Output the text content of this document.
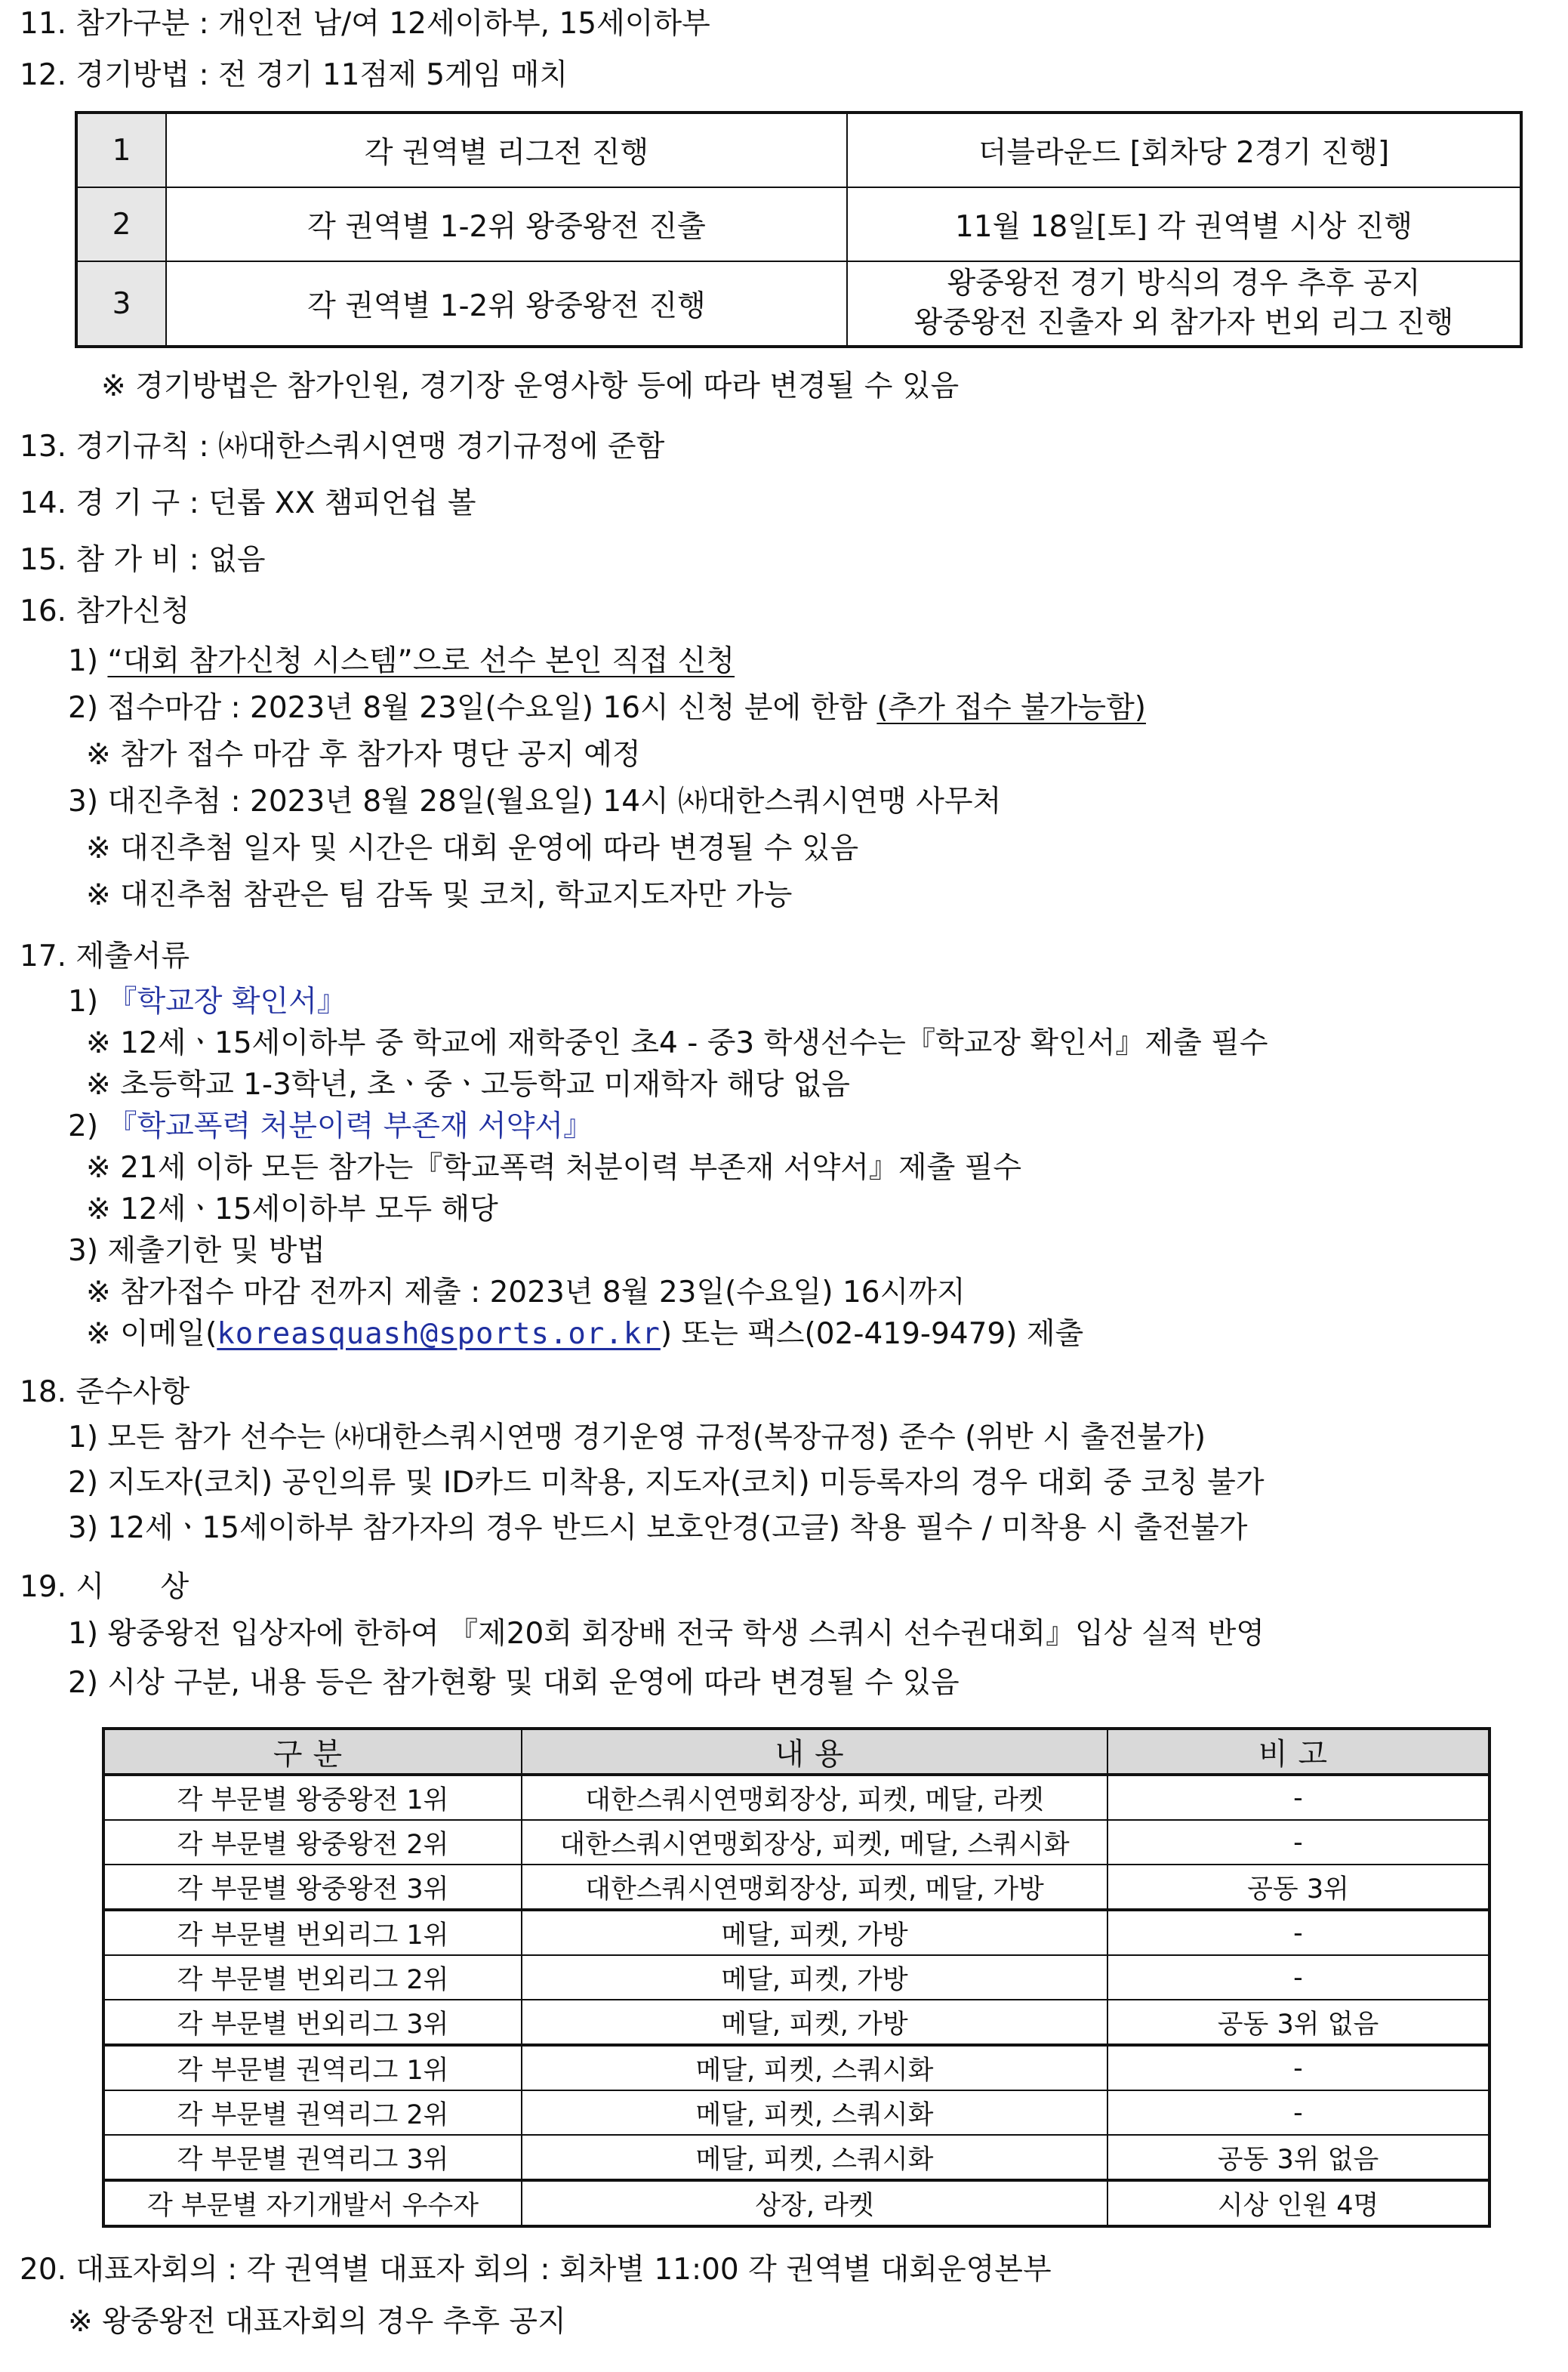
11. 참가구분 : 개인전 남/여 12세이하부, 15세이하부
12. 경기방법 : 전 경기 11점제 5게임 매치
1	각 권역별 리그전 진행	더블라운드 [회차당 2경기 진행]
2	각 권역별 1-2위 왕중왕전 진출	11월 18일[토] 각 권역별 시상 진행
3	각 권역별 1-2위 왕중왕전 진행	왕중왕전 경기 방식의 경우 추후 공지
왕중왕전 진출자 외 참가자 번외 리그 진행
※ 경기방법은 참가인원, 경기장 운영사항 등에 따라 변경될 수 있음
13. 경기규칙 : ㈔대한스쿼시연맹 경기규정에 준함
14. 경 기 구 : 던롭 XX 챔피언쉽 볼
15. 참 가 비 : 없음
16. 참가신청
1) “대회 참가신청 시스템”으로 선수 본인 직접 신청
2) 접수마감 : 2023년 8월 23일(수요일) 16시 신청 분에 한함 (추가 접수 불가능함)
※ 참가 접수 마감 후 참가자 명단 공지 예정
3) 대진추첨 : 2023년 8월 28일(월요일) 14시 ㈔대한스쿼시연맹 사무처
※ 대진추첨 일자 및 시간은 대회 운영에 따라 변경될 수 있음
※ 대진추첨 참관은 팀 감독 및 코치, 학교지도자만 가능
17. 제출서류
1) 『학교장 확인서』
※ 12세ㆍ15세이하부 중 학교에 재학중인 초4 - 중3 학생선수는『학교장 확인서』제출 필수
※ 초등학교 1-3학년, 초ㆍ중ㆍ고등학교 미재학자 해당 없음
2) 『학교폭력 처분이력 부존재 서약서』
※ 21세 이하 모든 참가는『학교폭력 처분이력 부존재 서약서』제출 필수
※ 12세ㆍ15세이하부 모두 해당
3) 제출기한 및 방법
※ 참가접수 마감 전까지 제출 : 2023년 8월 23일(수요일) 16시까지
※ 이메일(koreasquash@sports.or.kr) 또는 팩스(02-419-9479) 제출
18. 준수사항
1) 모든 참가 선수는 ㈔대한스쿼시연맹 경기운영 규정(복장규정) 준수 (위반 시 출전불가)
2) 지도자(코치) 공인의류 및 ID카드 미착용, 지도자(코치) 미등록자의 경우 대회 중 코칭 불가
3) 12세ㆍ15세이하부 참가자의 경우 반드시 보호안경(고글) 착용 필수 / 미착용 시 출전불가
19. 시      상
1) 왕중왕전 입상자에 한하여 『제20회 회장배 전국 학생 스쿼시 선수권대회』입상 실적 반영
2) 시상 구분, 내용 등은 참가현황 및 대회 운영에 따라 변경될 수 있음
구분	내용	비고
각 부문별 왕중왕전 1위	대한스쿼시연맹회장상, 피켓, 메달, 라켓	-
각 부문별 왕중왕전 2위	대한스쿼시연맹회장상, 피켓, 메달, 스쿼시화	-
각 부문별 왕중왕전 3위	대한스쿼시연맹회장상, 피켓, 메달, 가방	공동 3위
각 부문별 번외리그 1위	메달, 피켓, 가방	-
각 부문별 번외리그 2위	메달, 피켓, 가방	-
각 부문별 번외리그 3위	메달, 피켓, 가방	공동 3위 없음
각 부문별 권역리그 1위	메달, 피켓, 스쿼시화	-
각 부문별 권역리그 2위	메달, 피켓, 스쿼시화	-
각 부문별 권역리그 3위	메달, 피켓, 스쿼시화	공동 3위 없음
각 부문별 자기개발서 우수자	상장, 라켓	시상 인원 4명
20. 대표자회의 : 각 권역별 대표자 회의 : 회차별 11:00 각 권역별 대회운영본부
※ 왕중왕전 대표자회의 경우 추후 공지
